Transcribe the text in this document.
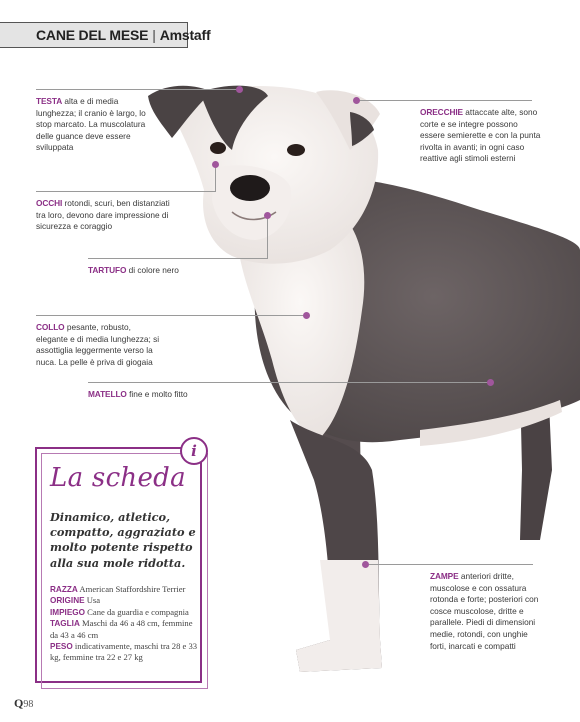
CANE DEL MESE | Amstaff
TESTA alta e di media lunghezza; il cranio è largo, lo stop marcato. La muscolatura delle guance deve essere sviluppata
ORECCHIE attaccate alte, sono corte e se integre possono essere semierette e con la punta rivolta in avanti; in ogni caso reattive agli stimoli esterni
OCCHI rotondi, scuri, ben distanziati tra loro, devono dare impressione di sicurezza e coraggio
TARTUFO di colore nero
COLLO pesante, robusto, elegante e di media lunghezza; si assottiglia leggermente verso la nuca. La pelle è priva di giogaia
MATELLO fine e molto fitto
ZAMPE anteriori dritte, muscolose e con ossatura rotonda e forte; posteriori con cosce muscolose, dritte e parallele. Piedi di dimensioni medie, rotondi, con unghie forti, inarcati e compatti
i
La scheda
Dinamico, atletico, compatto, aggraziato e molto potente rispetto alla sua mole ridotta.
RAZZA American Staffordshire Terrier
ORIGINE Usa
IMPIEGO Cane da guardia e compagnia
TAGLIA Maschi da 46 a 48 cm, femmine da 43 a 46 cm
PESO indicativamente, maschi tra 28 e 33 kg, femmine tra 22 e 27 kg
Q98
